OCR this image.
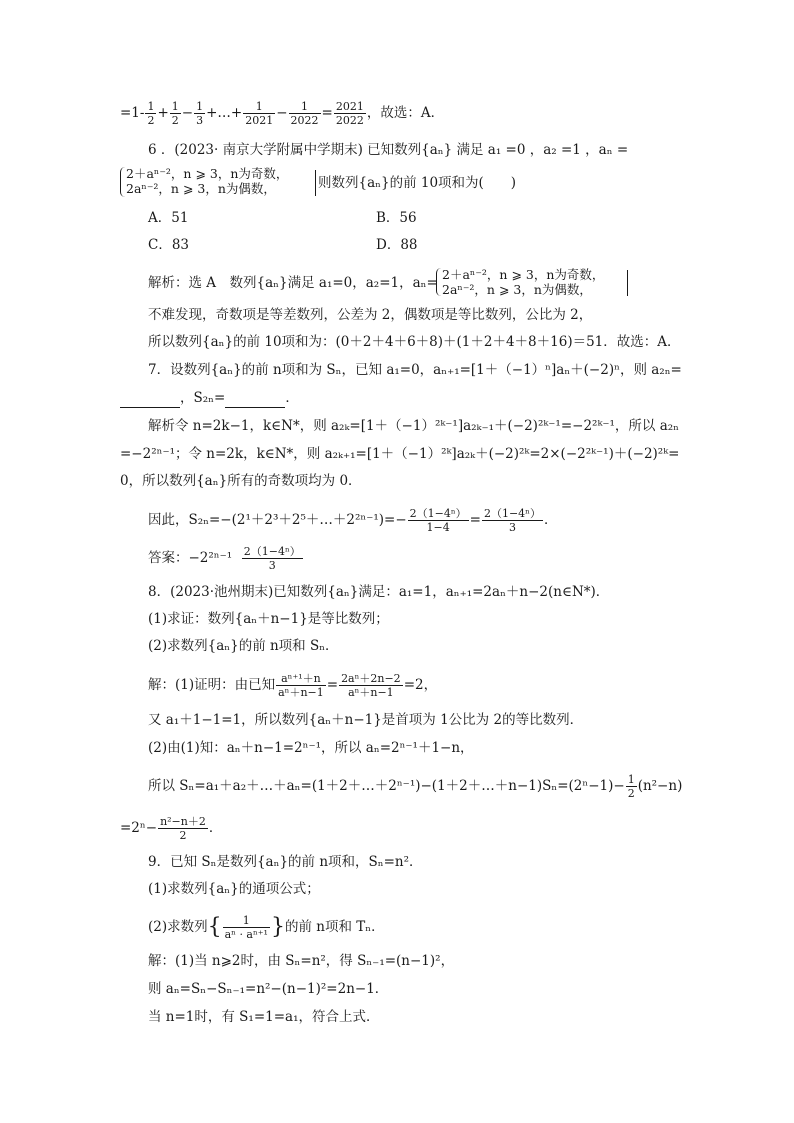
$=1- \frac{1}{2} + \frac{1}{2} - \frac{1}{3}$ +…+ $\frac{1}{2021} - \frac{1}{2022} = \frac{2021}{2022}$ ，故选：A．
6 ．(2023· 南京大学附属中学期末) 已知数列{aₙ} 满足 a₁ =0 ，a₂ =1 ，aₙ =
2＋aⁿ⁻²，n ⩾ 3，n为奇数，
2aⁿ⁻²，n ⩾ 3，n为偶数，	则数列{aₙ}的前 10项和为(　　)
A．51	B．56
C．83	D．88
解析：选 A　数列{aₙ}满足 a₁=0，a₂=1，aₙ=
2＋aⁿ⁻²，n ⩾ 3，n为奇数，
2aⁿ⁻²，n ⩾ 3，n为偶数，
不难发现，奇数项是等差数列，公差为 2，偶数项是等比数列，公比为 2，
所以数列{aₙ}的前 10项和为：(0＋2＋4＋6＋8)＋(1＋2＋4＋8＋16)＝51．故选：A．
7．设数列{aₙ}的前 n项和为 Sₙ，已知 a₁=0，aₙ₊₁=[1＋（−1）ⁿ]aₙ＋(−2)ⁿ，则 a₂ₙ=
，S₂ₙ=	．
解析令 n=2k−1，k∈N*，则 a₂ₖ=[1＋（−1）²ᵏ⁻¹]a₂ₖ₋₁＋(−2)²ᵏ⁻¹=−2²ᵏ⁻¹，所以 a₂ₙ
=−2²ⁿ⁻¹；令 n=2k，k∈N*，则 a₂ₖ₊₁=[1＋（−1）²ᵏ]a₂ₖ＋(−2)²ᵏ=2×(−2²ᵏ⁻¹)＋(−2)²ᵏ=
0，所以数列{aₙ}所有的奇数项均为 0．
因此，S₂ₙ=−(2¹＋2³＋2⁵＋…＋2²ⁿ⁻¹)=− $\frac{\text{2（1−4ⁿ）}}{1-4} = \frac{\text{2（1−4ⁿ）}}{3}$ ．
答案：$-2^{2n-1} \frac{\text{2（1−4ⁿ）}}{3}$
8．(2023·池州期末)已知数列{aₙ}满足：a₁=1，aₙ₊₁=2aₙ＋n−2(n∈N*)．
(1)求证：数列{aₙ＋n−1}是等比数列；
(2)求数列{aₙ}的前 n项和 Sₙ．
解：(1)证明：由已知 $\frac{\text{aⁿ⁺¹＋n}}{\text{aⁿ＋n−1}} = \frac{\text{2aⁿ＋2n−2}}{\text{aⁿ＋n−1}} =2$，
又 a₁＋1−1=1，所以数列{aₙ＋n−1}是首项为 1公比为 2的等比数列．
(2)由(1)知：aₙ＋n−1=2ⁿ⁻¹，所以 aₙ=2ⁿ⁻¹＋1−n，
所以 Sₙ=a₁＋a₂＋…＋aₙ=(1＋2＋…＋2ⁿ⁻¹)−(1＋2＋…＋n−1)Sₙ=(2ⁿ−1)− $\frac{1}{2} (n^2-n)$
$=2^n- \frac{\text{n²−n＋2}}{2}$ ．
9．已知 Sₙ是数列{aₙ}的前 n项和，Sₙ=n²．
(1)求数列{aₙ}的通项公式；
(2)求数列{ $\frac{1}{\text{aⁿ · aⁿ⁺¹}}$ }的前 n项和 Tₙ．
解：(1)当 n⩾2时，由 Sₙ=n²，得 Sₙ₋₁=(n−1)²，
则 aₙ=Sₙ−Sₙ₋₁=n²−(n−1)²=2n−1．
当 n=1时，有 S₁=1=a₁，符合上式．
